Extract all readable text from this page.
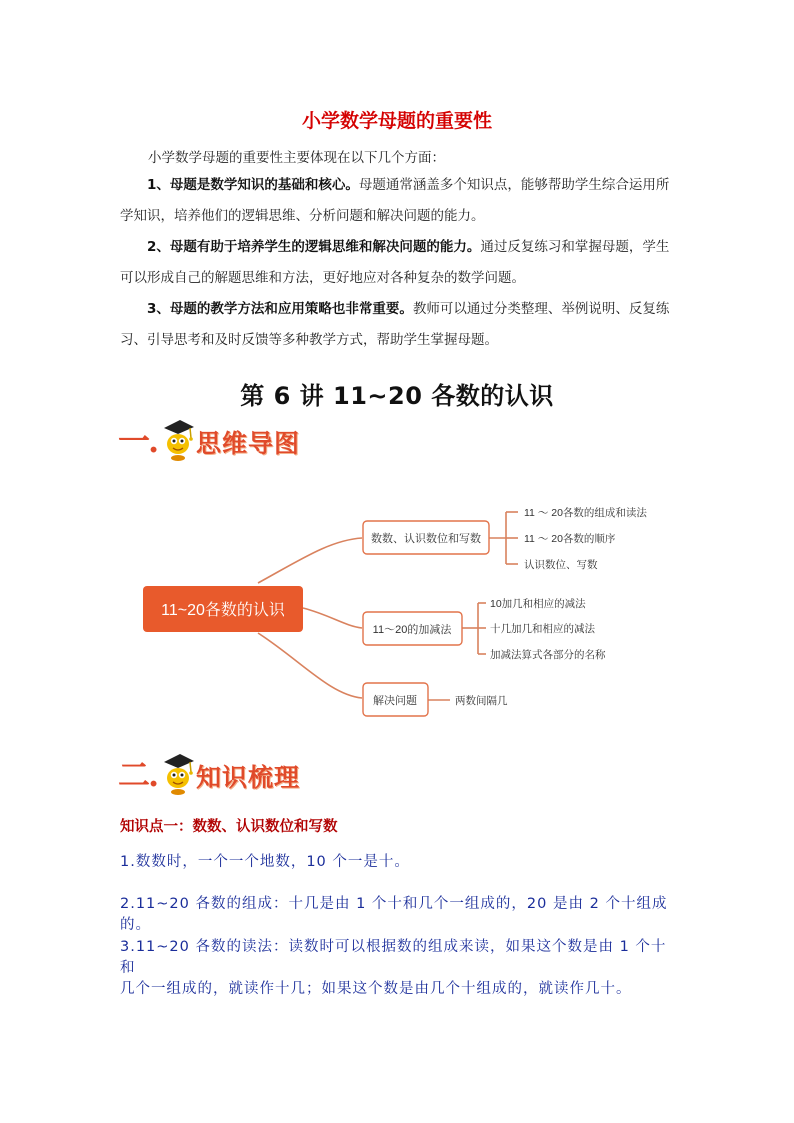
小学数学母题的重要性
小学数学母题的重要性主要体现在以下几个方面：

1、母题是数学知识的基础和核心。母题通常涵盖多个知识点，能够帮助学生综合运用所学知识，培养他们的逻辑思维、分析问题和解决问题的能力。

2、母题有助于培养学生的逻辑思维和解决问题的能力。通过反复练习和掌握母题，学生可以形成自己的解题思维和方法，更好地应对各种复杂的数学问题。

3、母题的教学方法和应用策略也非常重要。教师可以通过分类整理、举例说明、反复练习、引导思考和及时反馈等多种教学方式，帮助学生掌握母题。

第 6 讲 11~20 各数的认识
一. 思维导图
11~20各数的认识
数数、认识数位和写数
11～20的加减法
解决问题
11 ～ 20各数的组成和读法
11 ～ 20各数的顺序
认识数位、写数
10加几和相应的减法
十几加几和相应的减法
加减法算式各部分的名称
两数间隔几
二. 知识梳理
知识点一：数数、认识数位和写数

1.数数时，一个一个地数，10 个一是十。

2.11~20 各数的组成：十几是由 1 个十和几个一组成的，20 是由 2 个十组成的。

3.11~20 各数的读法：读数时可以根据数的组成来读，如果这个数是由 1 个十和

几个一组成的，就读作十几；如果这个数是由几个十组成的，就读作几十。
